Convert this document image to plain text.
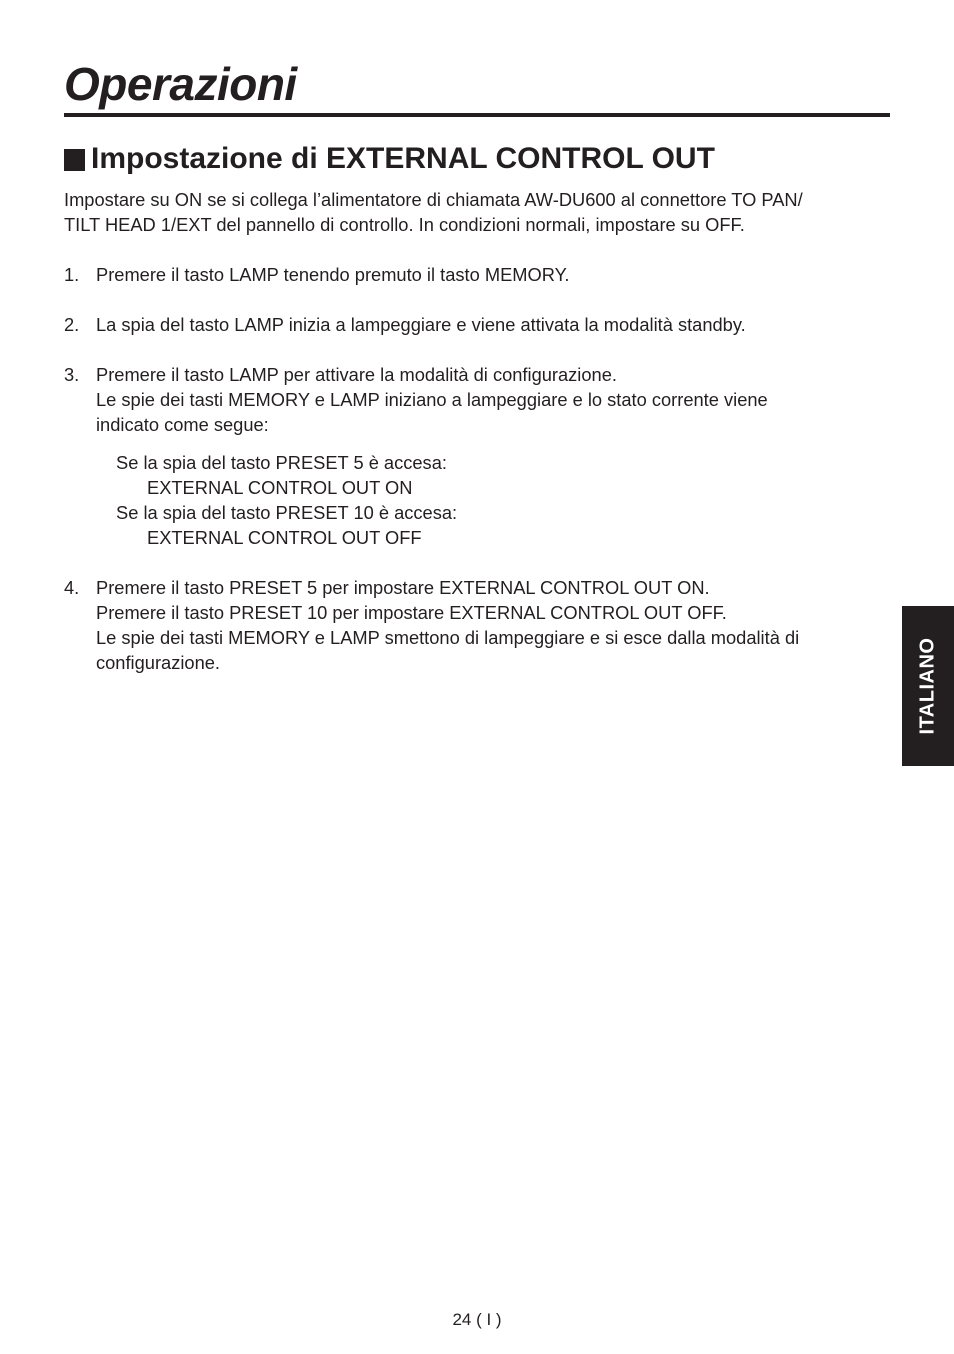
Operazioni
Impostazione di EXTERNAL CONTROL OUT
Impostare su ON se si collega l’alimentatore di chiamata AW-DU600 al connettore TO PAN/
TILT HEAD 1/EXT del pannello di controllo. In condizioni normali, impostare su OFF.
1. Premere il tasto LAMP tenendo premuto il tasto MEMORY.

2. La spia del tasto LAMP inizia a lampeggiare e viene attivata la modalità standby.

3. Premere il tasto LAMP per attivare la modalità di configurazione.

Le spie dei tasti MEMORY e LAMP iniziano a lampeggiare e lo stato corrente viene

indicato come segue:

Se la spia del tasto PRESET 5 è accesa:

EXTERNAL CONTROL OUT ON

Se la spia del tasto PRESET 10 è accesa:

EXTERNAL CONTROL OUT OFF

4. Premere il tasto PRESET 5 per impostare EXTERNAL CONTROL OUT ON.

Premere il tasto PRESET 10 per impostare EXTERNAL CONTROL OUT OFF.

Le spie dei tasti MEMORY e LAMP smettono di lampeggiare e si esce dalla modalità di

configurazione.	ITALIANO
24 ( I )
